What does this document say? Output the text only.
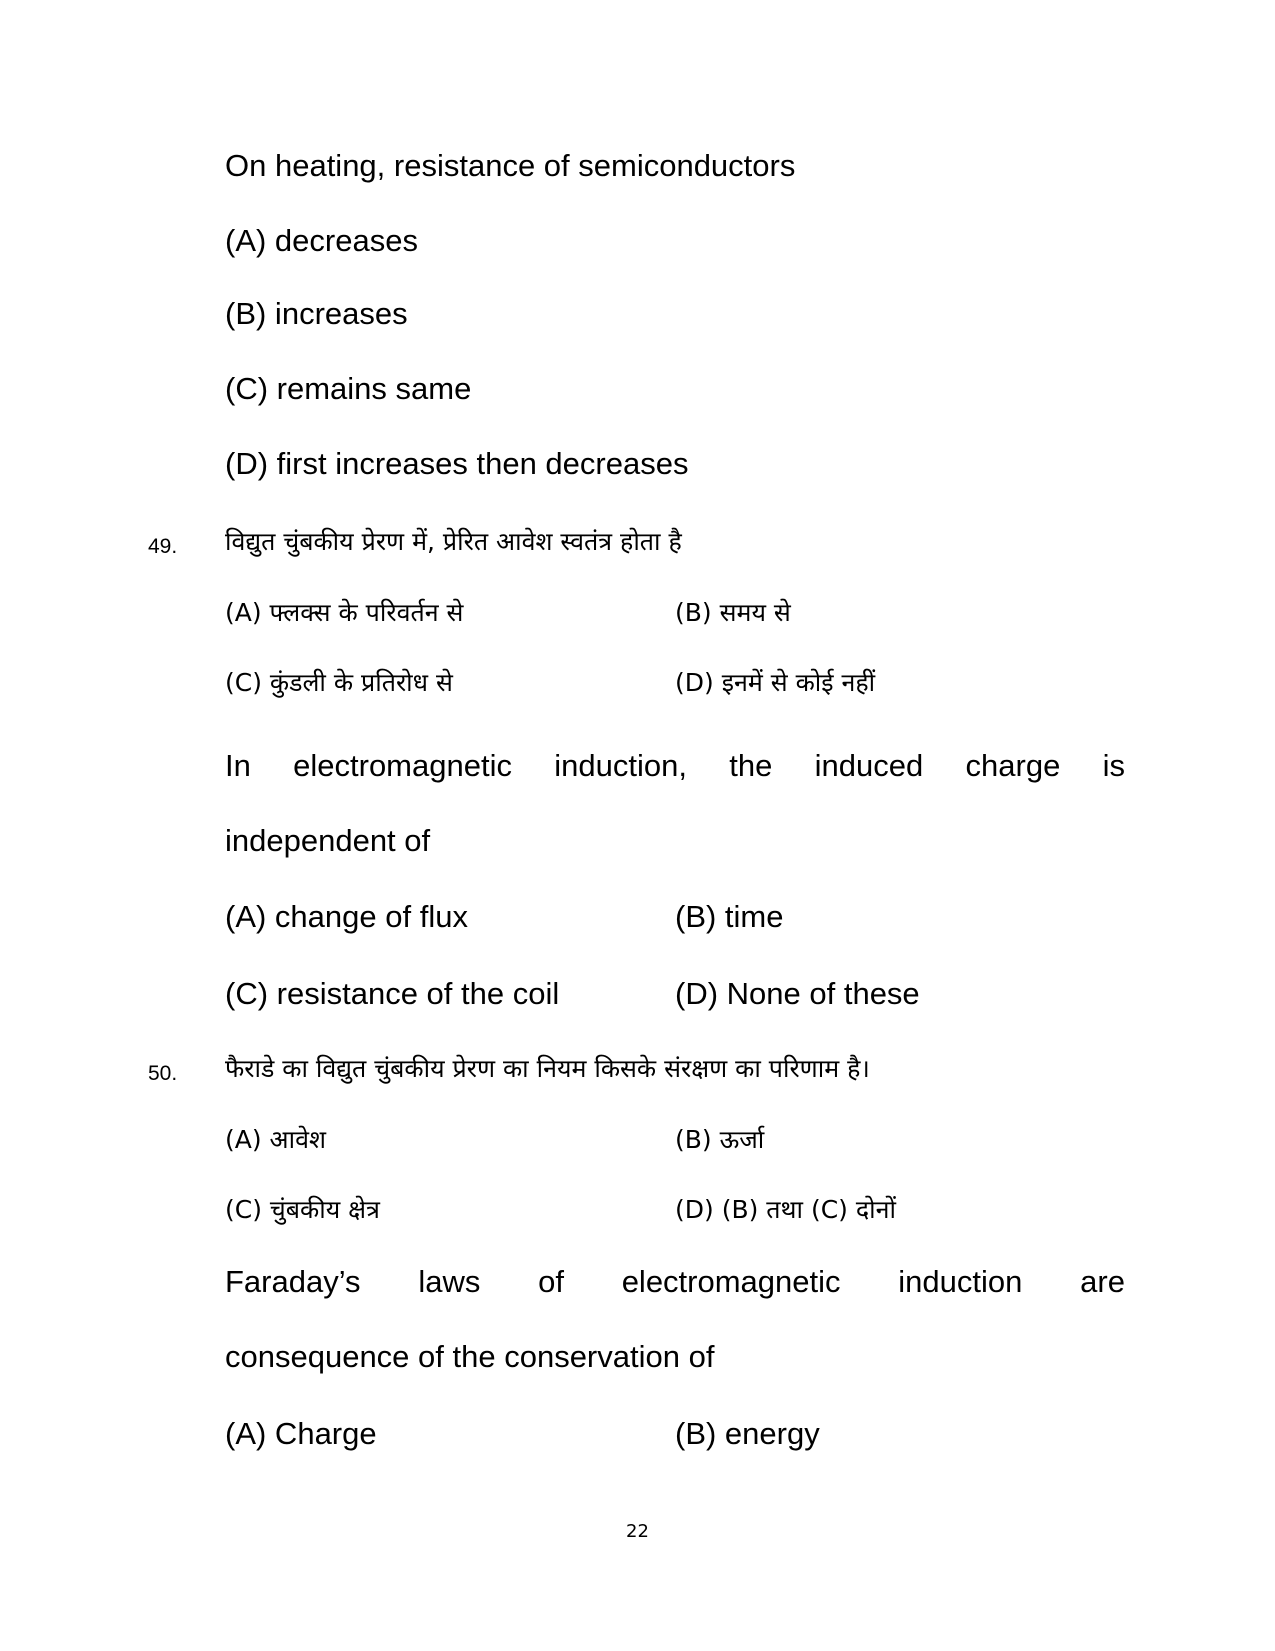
On heating, resistance of semiconductors
(A) decreases
(B) increases
(C) remains same
(D) first increases then decreases
49. विद्युत चुंबकीय प्रेरण में, प्रेरित आवेश स्वतंत्र होता है
(A) फ्लक्स के परिवर्तन से	(B) समय से
(C) कुंडली के प्रतिरोध से	(D) इनमें से कोई नहीं
In electromagnetic induction, the induced charge is
independent of
(A) change of flux	(B) time
(C) resistance of the coil	(D) None of these
50. फैराडे का विद्युत चुंबकीय प्रेरण का नियम किसके संरक्षण का परिणाम है।
(A) आवेश	(B) ऊर्जा
(C) चुंबकीय क्षेत्र	(D) (B) तथा (C) दोनों
Faraday’s laws of electromagnetic induction are
consequence of the conservation of
(A) Charge	(B) energy
22
